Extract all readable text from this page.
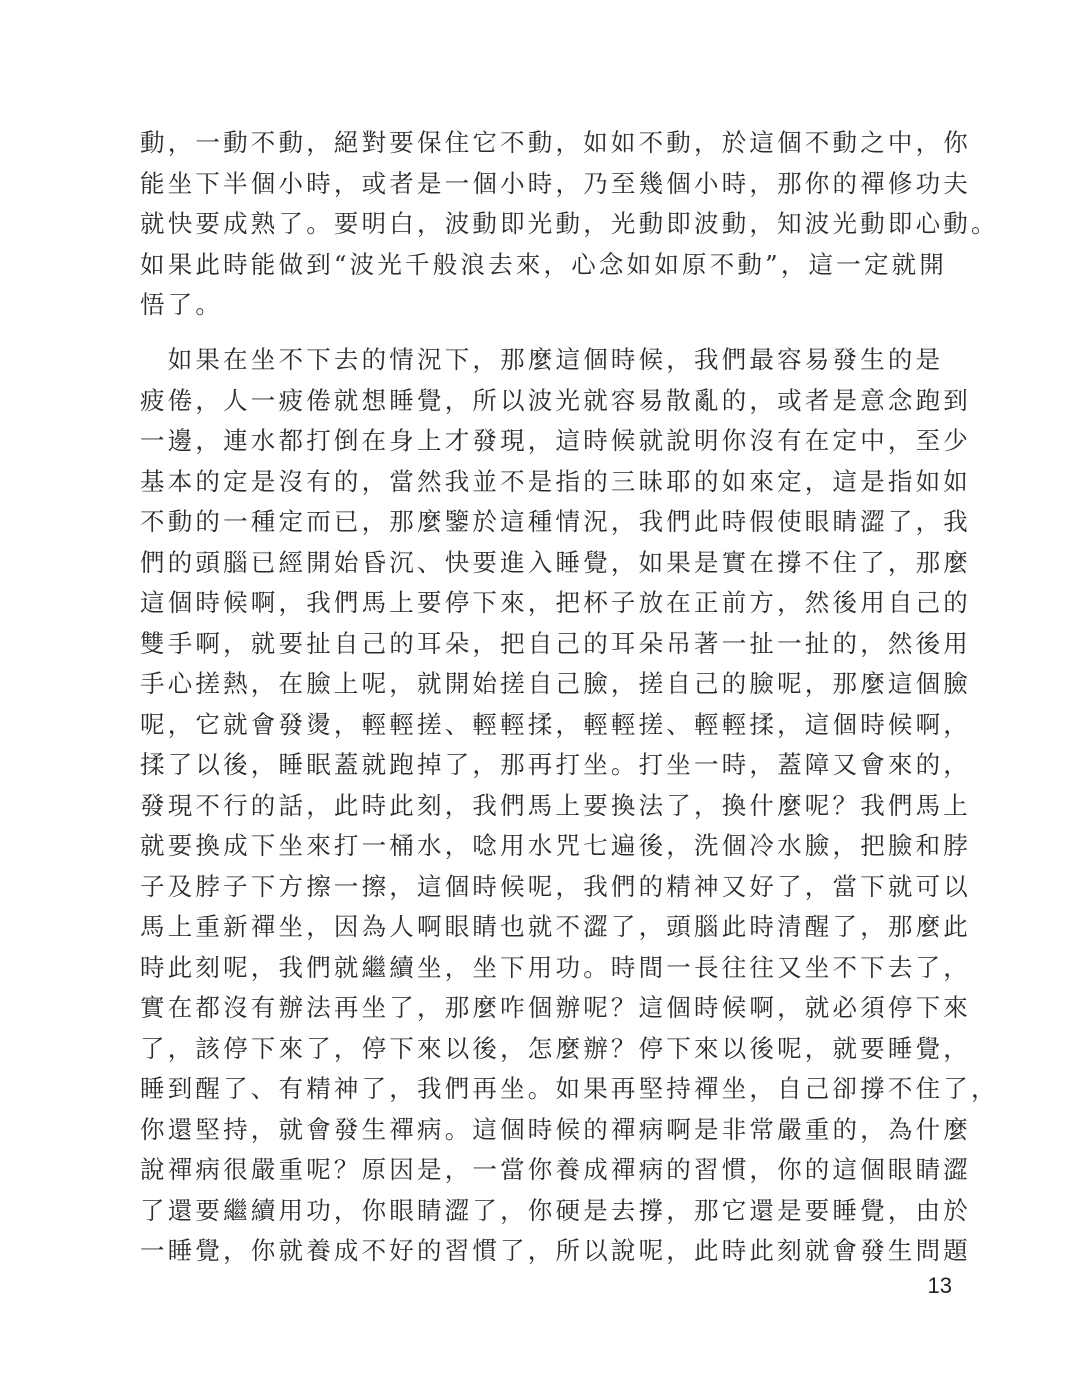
動，一動不動，絕對要保住它不動，如如不動，於這個不動之中，你
能坐下半個小時，或者是一個小時，乃至幾個小時，那你的禪修功夫
就快要成熟了。要明白，波動即光動，光動即波動，知波光動即心動。
如果此時能做到“波光千般浪去來，心念如如原不動”，這一定就開
悟了。
　如果在坐不下去的情況下，那麼這個時候，我們最容易發生的是
疲倦，人一疲倦就想睡覺，所以波光就容易散亂的，或者是意念跑到
一邊，連水都打倒在身上才發現，這時候就說明你沒有在定中，至少
基本的定是沒有的，當然我並不是指的三昧耶的如來定，這是指如如
不動的一種定而已，那麼鑒於這種情況，我們此時假使眼睛澀了，我
們的頭腦已經開始昏沉、快要進入睡覺，如果是實在撐不住了，那麼
這個時候啊，我們馬上要停下來，把杯子放在正前方，然後用自己的
雙手啊，就要扯自己的耳朵，把自己的耳朵吊著一扯一扯的，然後用
手心搓熱，在臉上呢，就開始搓自己臉，搓自己的臉呢，那麼這個臉
呢，它就會發燙，輕輕搓、輕輕揉，輕輕搓、輕輕揉，這個時候啊，
揉了以後，睡眠蓋就跑掉了，那再打坐。打坐一時，蓋障又會來的，
發現不行的話，此時此刻，我們馬上要換法了，換什麼呢？我們馬上
就要換成下坐來打一桶水，唸用水咒七遍後，洗個冷水臉，把臉和脖
子及脖子下方擦一擦，這個時候呢，我們的精神又好了，當下就可以
馬上重新禪坐，因為人啊眼睛也就不澀了，頭腦此時清醒了，那麼此
時此刻呢，我們就繼續坐，坐下用功。時間一長往往又坐不下去了，
實在都沒有辦法再坐了，那麼咋個辦呢？這個時候啊，就必須停下來
了，該停下來了，停下來以後，怎麼辦？停下來以後呢，就要睡覺，
睡到醒了、有精神了，我們再坐。如果再堅持禪坐，自己卻撐不住了，
你還堅持，就會發生禪病。這個時候的禪病啊是非常嚴重的，為什麼
說禪病很嚴重呢？原因是，一當你養成禪病的習慣，你的這個眼睛澀
了還要繼續用功，你眼睛澀了，你硬是去撐，那它還是要睡覺，由於
一睡覺，你就養成不好的習慣了，所以說呢，此時此刻就會發生問題
13
